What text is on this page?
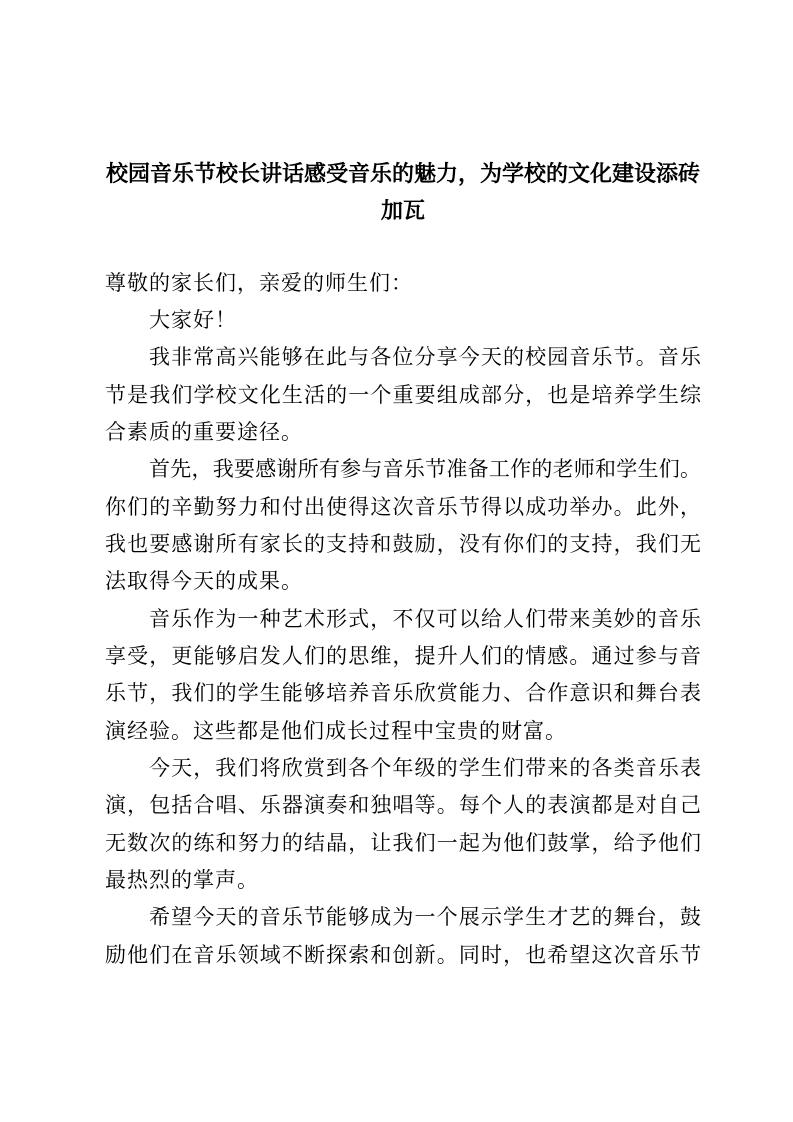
校园音乐节校长讲话感受音乐的魅力，为学校的文化建设添砖加瓦
尊敬的家长们，亲爱的师生们：
大家好！
我非常高兴能够在此与各位分享今天的校园音乐节。音乐
节是我们学校文化生活的一个重要组成部分，也是培养学生综
合素质的重要途径。
首先，我要感谢所有参与音乐节准备工作的老师和学生们。
你们的辛勤努力和付出使得这次音乐节得以成功举办。此外，
我也要感谢所有家长的支持和鼓励，没有你们的支持，我们无
法取得今天的成果。
音乐作为一种艺术形式，不仅可以给人们带来美妙的音乐
享受，更能够启发人们的思维，提升人们的情感。通过参与音
乐节，我们的学生能够培养音乐欣赏能力、合作意识和舞台表
演经验。这些都是他们成长过程中宝贵的财富。
今天，我们将欣赏到各个年级的学生们带来的各类音乐表
演，包括合唱、乐器演奏和独唱等。每个人的表演都是对自己
无数次的练和努力的结晶，让我们一起为他们鼓掌，给予他们
最热烈的掌声。
希望今天的音乐节能够成为一个展示学生才艺的舞台，鼓
励他们在音乐领域不断探索和创新。同时，也希望这次音乐节
